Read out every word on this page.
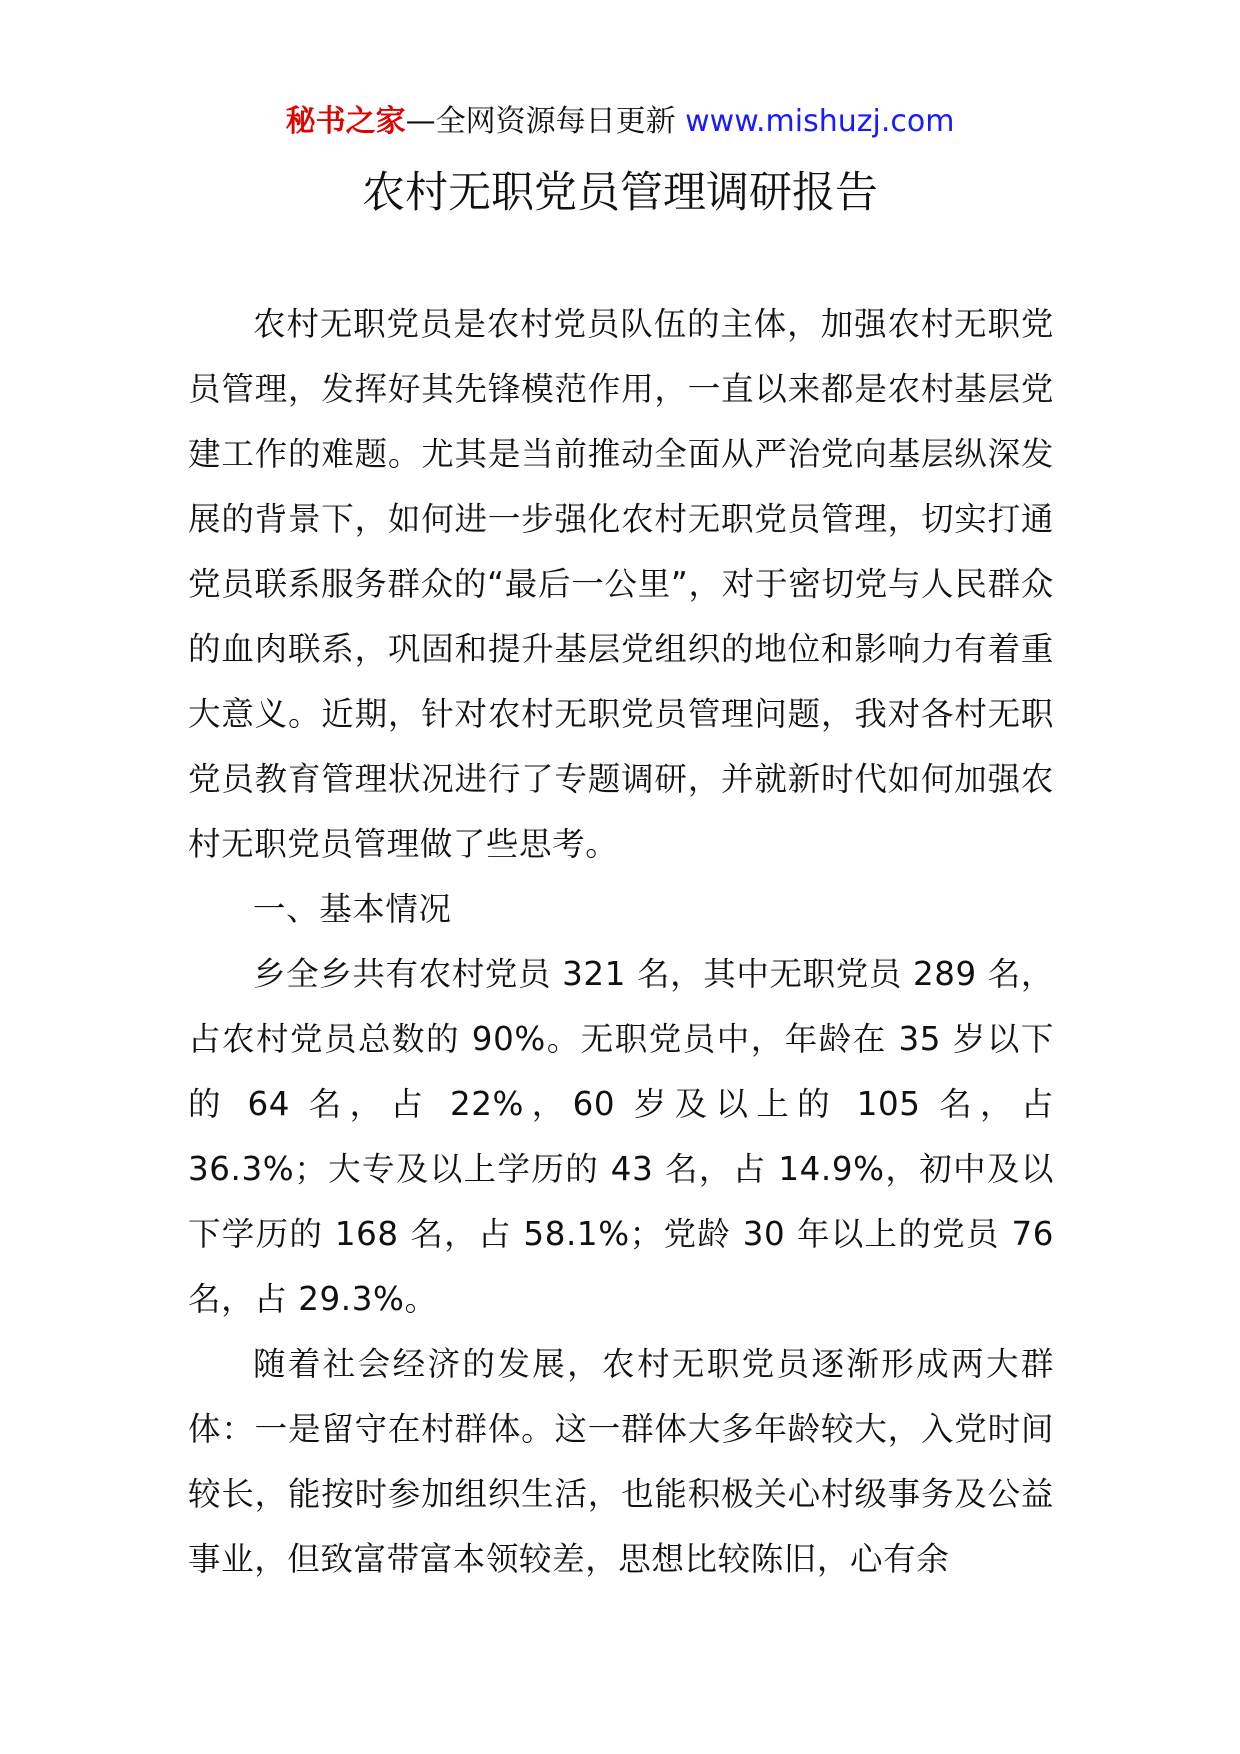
秘书之家—全网资源每日更新 www.mishuzj.com
农村无职党员管理调研报告

农村无职党员是农村党员队伍的主体，加强农村无职党员管理，发挥好其先锋模范作用，一直以来都是农村基层党建工作的难题。尤其是当前推动全面从严治党向基层纵深发展的背景下，如何进一步强化农村无职党员管理，切实打通党员联系服务群众的“最后一公里”，对于密切党与人民群众的血肉联系，巩固和提升基层党组织的地位和影响力有着重大意义。近期，针对农村无职党员管理问题，我对各村无职党员教育管理状况进行了专题调研，并就新时代如何加强农村无职党员管理做了些思考。

一、基本情况

乡全乡共有农村党员 321 名，其中无职党员 289 名，占农村党员总数的 90%。无职党员中，年龄在 35 岁以下的 64 名，占 22%，60 岁及以上的 105 名，占 36.3%；大专及以上学历的 43 名，占 14.9%，初中及以下学历的 168 名，占 58.1%；党龄 30 年以上的党员 76 名，占 29.3%。

随着社会经济的发展，农村无职党员逐渐形成两大群体：一是留守在村群体。这一群体大多年龄较大，入党时间较长，能按时参加组织生活，也能积极关心村级事务及公益事业，但致富带富本领较差，思想比较陈旧，心有余
